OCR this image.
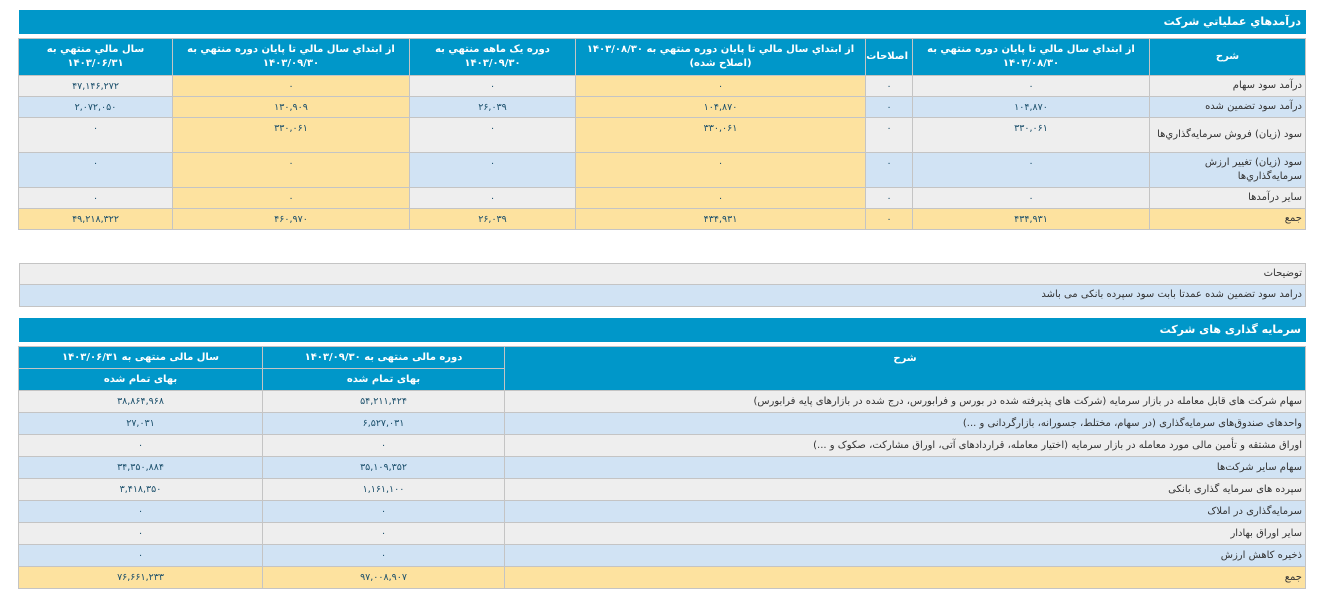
درآمدهاي عملياتي شركت
شرح	از ابتداي سال مالي تا پايان دوره منتهي به ۱۴۰۳/۰۸/۳۰	اصلاحات	از ابتداي سال مالي تا پايان دوره منتهي به ۱۴۰۳/۰۸/۳۰ (اصلاح شده)	دوره يک ماهه منتهي به ۱۴۰۳/۰۹/۳۰	از ابتداي سال مالي تا پايان دوره منتهي به ۱۴۰۳/۰۹/۳۰	سال مالي منتهي به ۱۴۰۳/۰۶/۳۱
درآمد سود سهام	۰	۰	۰	۰	۰	۴۷,۱۴۶,۲۷۲
درآمد سود تضمين شده	۱۰۴,۸۷۰	۰	۱۰۴,۸۷۰	۲۶,۰۳۹	۱۳۰,۹۰۹	۲,۰۷۲,۰۵۰
سود (زيان) فروش سرمايه‌گذاري‌ها	۳۳۰,۰۶۱	۰	۳۳۰,۰۶۱	۰	۳۳۰,۰۶۱	۰
سود (زيان) تغيير ارزش سرمايه‌گذاري‌ها	۰	۰	۰	۰	۰	۰
ساير درآمدها	۰	۰	۰	۰	۰	۰
جمع	۴۳۴,۹۳۱	۰	۴۳۴,۹۳۱	۲۶,۰۳۹	۴۶۰,۹۷۰	۴۹,۲۱۸,۳۲۲
توضيحات
درامد سود تضمین شده عمدتا بابت سود سپرده بانکی می باشد
سرمایه گذاری های شرکت
شرح	دوره مالی منتهی به ۱۴۰۳/۰۹/۳۰	سال مالی منتهی به ۱۴۰۳/۰۶/۳۱
	بهای تمام شده	بهای تمام شده
سهام شرکت های قابل معامله در بازار سرمایه (شرکت های پذیرفته شده در بورس و فرابورس، درج شده در بازارهای پایه فرابورس)	۵۴,۲۱۱,۴۲۴	۳۸,۸۶۴,۹۶۸
واحدهای صندوق‌های سرمایه‌گذاری (در سهام، مختلط، جسورانه، بازارگردانی و ...)	۶,۵۲۷,۰۳۱	۲۷,۰۳۱
اوراق مشتقه و تأمین مالی مورد معامله در بازار سرمایه (اختیار معامله، قراردادهای آتی، اوراق مشارکت، صکوک و ...)	۰	۰
سهام سایر شرکت‌ها	۳۵,۱۰۹,۳۵۲	۳۴,۳۵۰,۸۸۴
سپرده های سرمایه گذاری بانکی	۱,۱۶۱,۱۰۰	۳,۴۱۸,۳۵۰
سرمایه‌گذاری در املاک	۰	۰
سایر اوراق بهادار	۰	۰
ذخیره کاهش ارزش	۰	۰
جمع	۹۷,۰۰۸,۹۰۷	۷۶,۶۶۱,۲۳۳
